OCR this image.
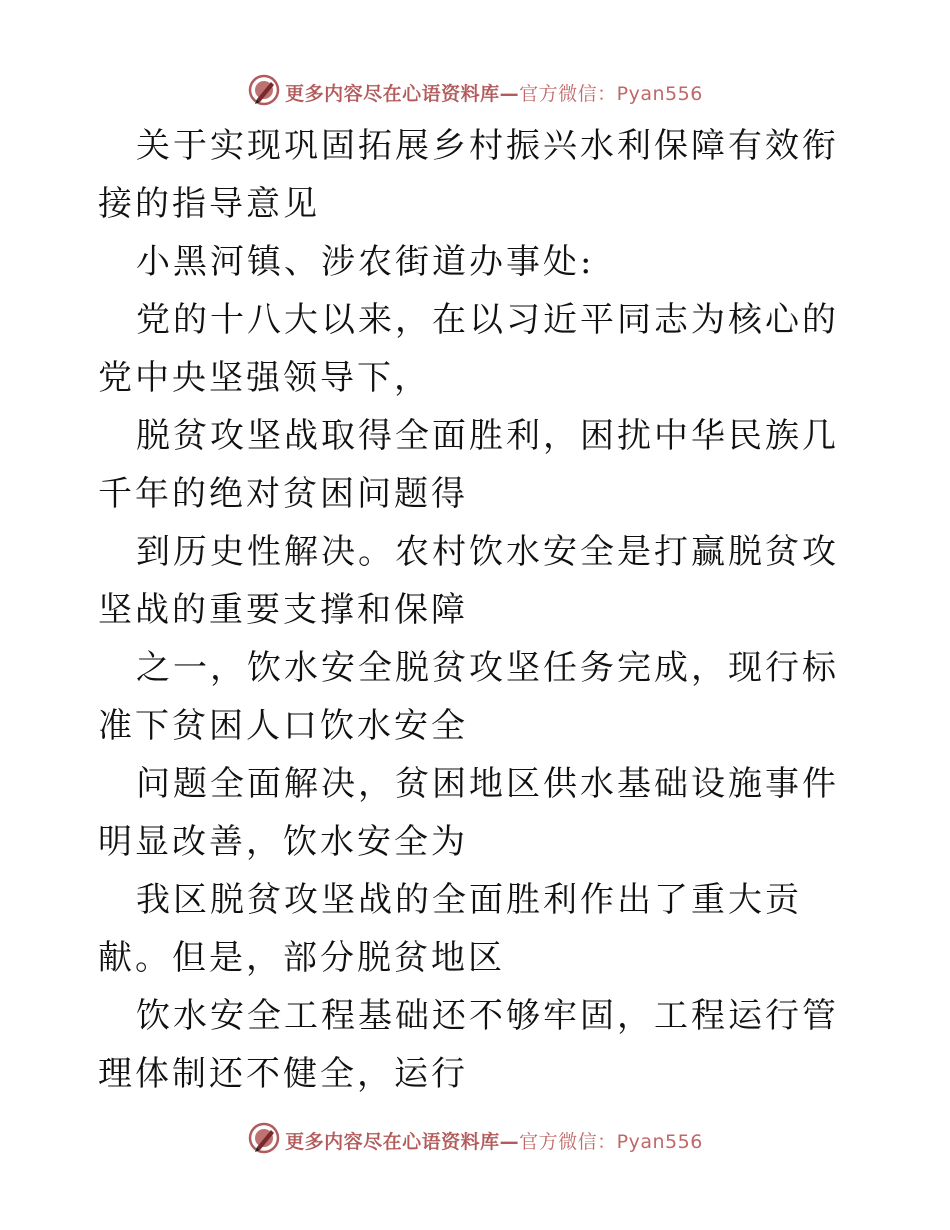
更多内容尽在心语资料库—官方微信：Pyan556

关于实现巩固拓展乡村振兴水利保障有效衔接的指导意见

小黑河镇、涉农街道办事处:

党的十八大以来，在以习近平同志为核心的党中央坚强领导下，

脱贫攻坚战取得全面胜利，困扰中华民族几千年的绝对贫困问题得

到历史性解决。农村饮水安全是打赢脱贫攻坚战的重要支撑和保障

之一，饮水安全脱贫攻坚任务完成，现行标准下贫困人口饮水安全

问题全面解决，贫困地区供水基础设施事件明显改善，饮水安全为

我区脱贫攻坚战的全面胜利作出了重大贡献。但是，部分脱贫地区

饮水安全工程基础还不够牢固，工程运行管理体制还不健全，运行

更多内容尽在心语资料库—官方微信：Pyan556
